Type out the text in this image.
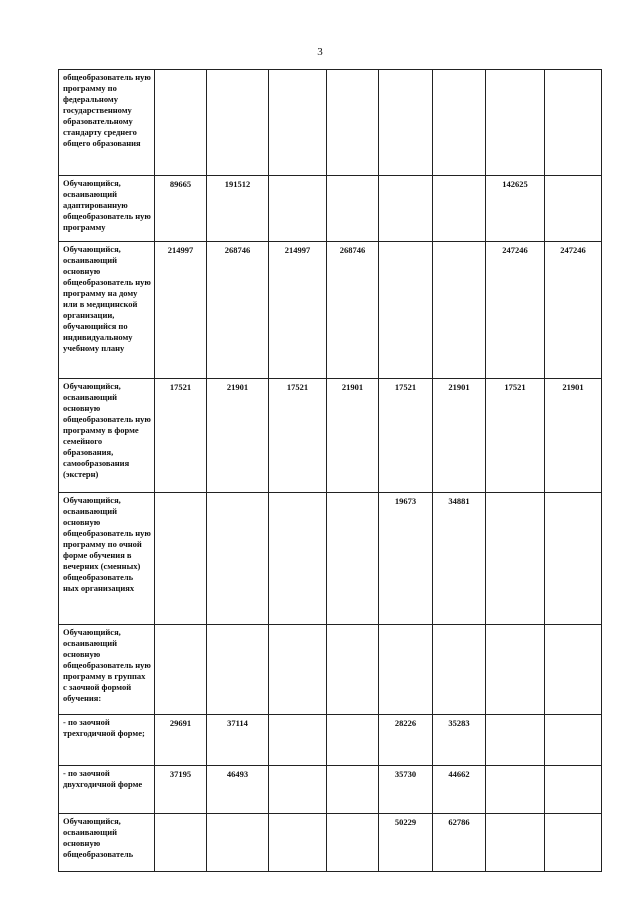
3
общеобразователь ную программу по федеральному государственному образовательному стандарту среднего общего образования								
Обучающийся, осваивающий адаптированную общеобразователь ную программу	89665	191512					142625	
Обучающийся, осваивающий основную общеобразователь ную программу на дому или в медицинской организации, обучающийся по индивидуальному учебному плану	214997	268746	214997	268746			247246	247246
Обучающийся, осваивающий основную общеобразователь ную программу в форме семейного образования, самообразования (экстерн)	17521	21901	17521	21901	17521	21901	17521	21901
Обучающийся, осваивающий основную общеобразователь ную программу по очной форме обучения в вечерних (сменных) общеобразователь ных организациях					19673	34881		
Обучающийся, осваивающий основную общеобразователь ную программу в группах с заочной формой обучения:								
- по заочной трехгодичной форме;	29691	37114			28226	35283		
- по заочной двухгодичной форме	37195	46493			35730	44662		
Обучающийся, осваивающий основную общеобразователь					50229	62786		
